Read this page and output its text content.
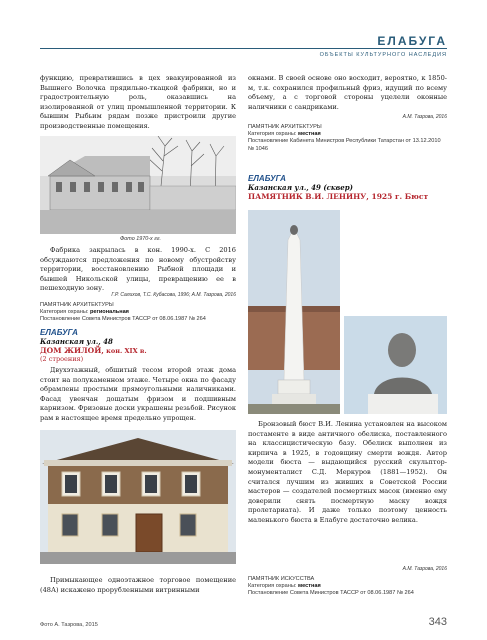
ЕЛАБУГА
ОБЪЕКТЫ КУЛЬТУРНОГО НАСЛЕДИЯ

функцию, превратившись в цех эвакуированной из Вышнего Волочка прядильно-ткацкой фабрики, но и градостроительную роль, оказавшись на изолированной от улиц промышленной территории. К бывшим Рыбьим рядам позже пристроили другие производственные помещения.

Фото 1970-х гг.

Фабрика закрылась в кон. 1990-х. С 2016 обсуждаются предложения по новому обустройству территории, восстановлению Рыбной площади и бывшей Никольской улицы, превращению ее в пешеходную зону.

Г.Р. Салихов, Т.С. Кубасова, 1996; А.М. Тазрова, 2016
ПАМЯТНИК АРХИТЕКТУРЫ
Категория охраны: региональная
Постановление Совета Министров ТАССР от 08.06.1987 № 264
ЕЛАБУГА
Казанская ул., 48
ДОМ ЖИЛОЙ, кон. XIX в.
(2 строения)

Двухэтажный, обшитый тесом второй этаж дома стоит на полукаменном этаже. Четыре окна по фасаду обрамлены простыми прямоугольными наличниками. Фасад увенчан дощатым фризом и подшивным карнизом. Фризовые доски украшены резьбой. Рисунок рам в настоящее время предельно упрощен.

Примыкающее одноэтажное торговое помещение (48А) искажено прорубленными витринными

окнами. В своей основе оно восходит, вероятно, к 1850-м, т.к. сохранился профильный фриз, идущий по всему объему, а с торговой стороны уцелели оконные наличники с сандриками.

А.М. Тазрова, 2016
ПАМЯТНИК АРХИТЕКТУРЫ
Категория охраны: местная
Постановление Кабинета Министров Республики Татарстан от 13.12.2010 № 1046
ЕЛАБУГА
Казанская ул., 49 (сквер)
ПАМЯТНИК В.И. ЛЕНИНУ, 1925 г. Бюст

Бронзовый бюст В.И. Ленина установлен на высоком постаменте в виде античного обелиска, поставленного на классицистическую базу. Обелиск выполнен из кирпича в 1925, в годовщину смерти вождя. Автор модели бюста — выдающийся русский скульптор-монументалист С.Д. Меркуров (1881—1952). Он считался лучшим из живших в Советской России мастеров — создателей посмертных масок (именно ему доверили снять посмертную маску вождя пролетариата). И даже только поэтому ценность маленького бюста в Елабуге достаточно велика.

А.М. Тазрова, 2016
ПАМЯТНИК ИСКУССТВА
Категория охраны: местная
Постановление Совета Министров ТАССР от 08.06.1987 № 264
Фото А. Тазрова, 2015	343
